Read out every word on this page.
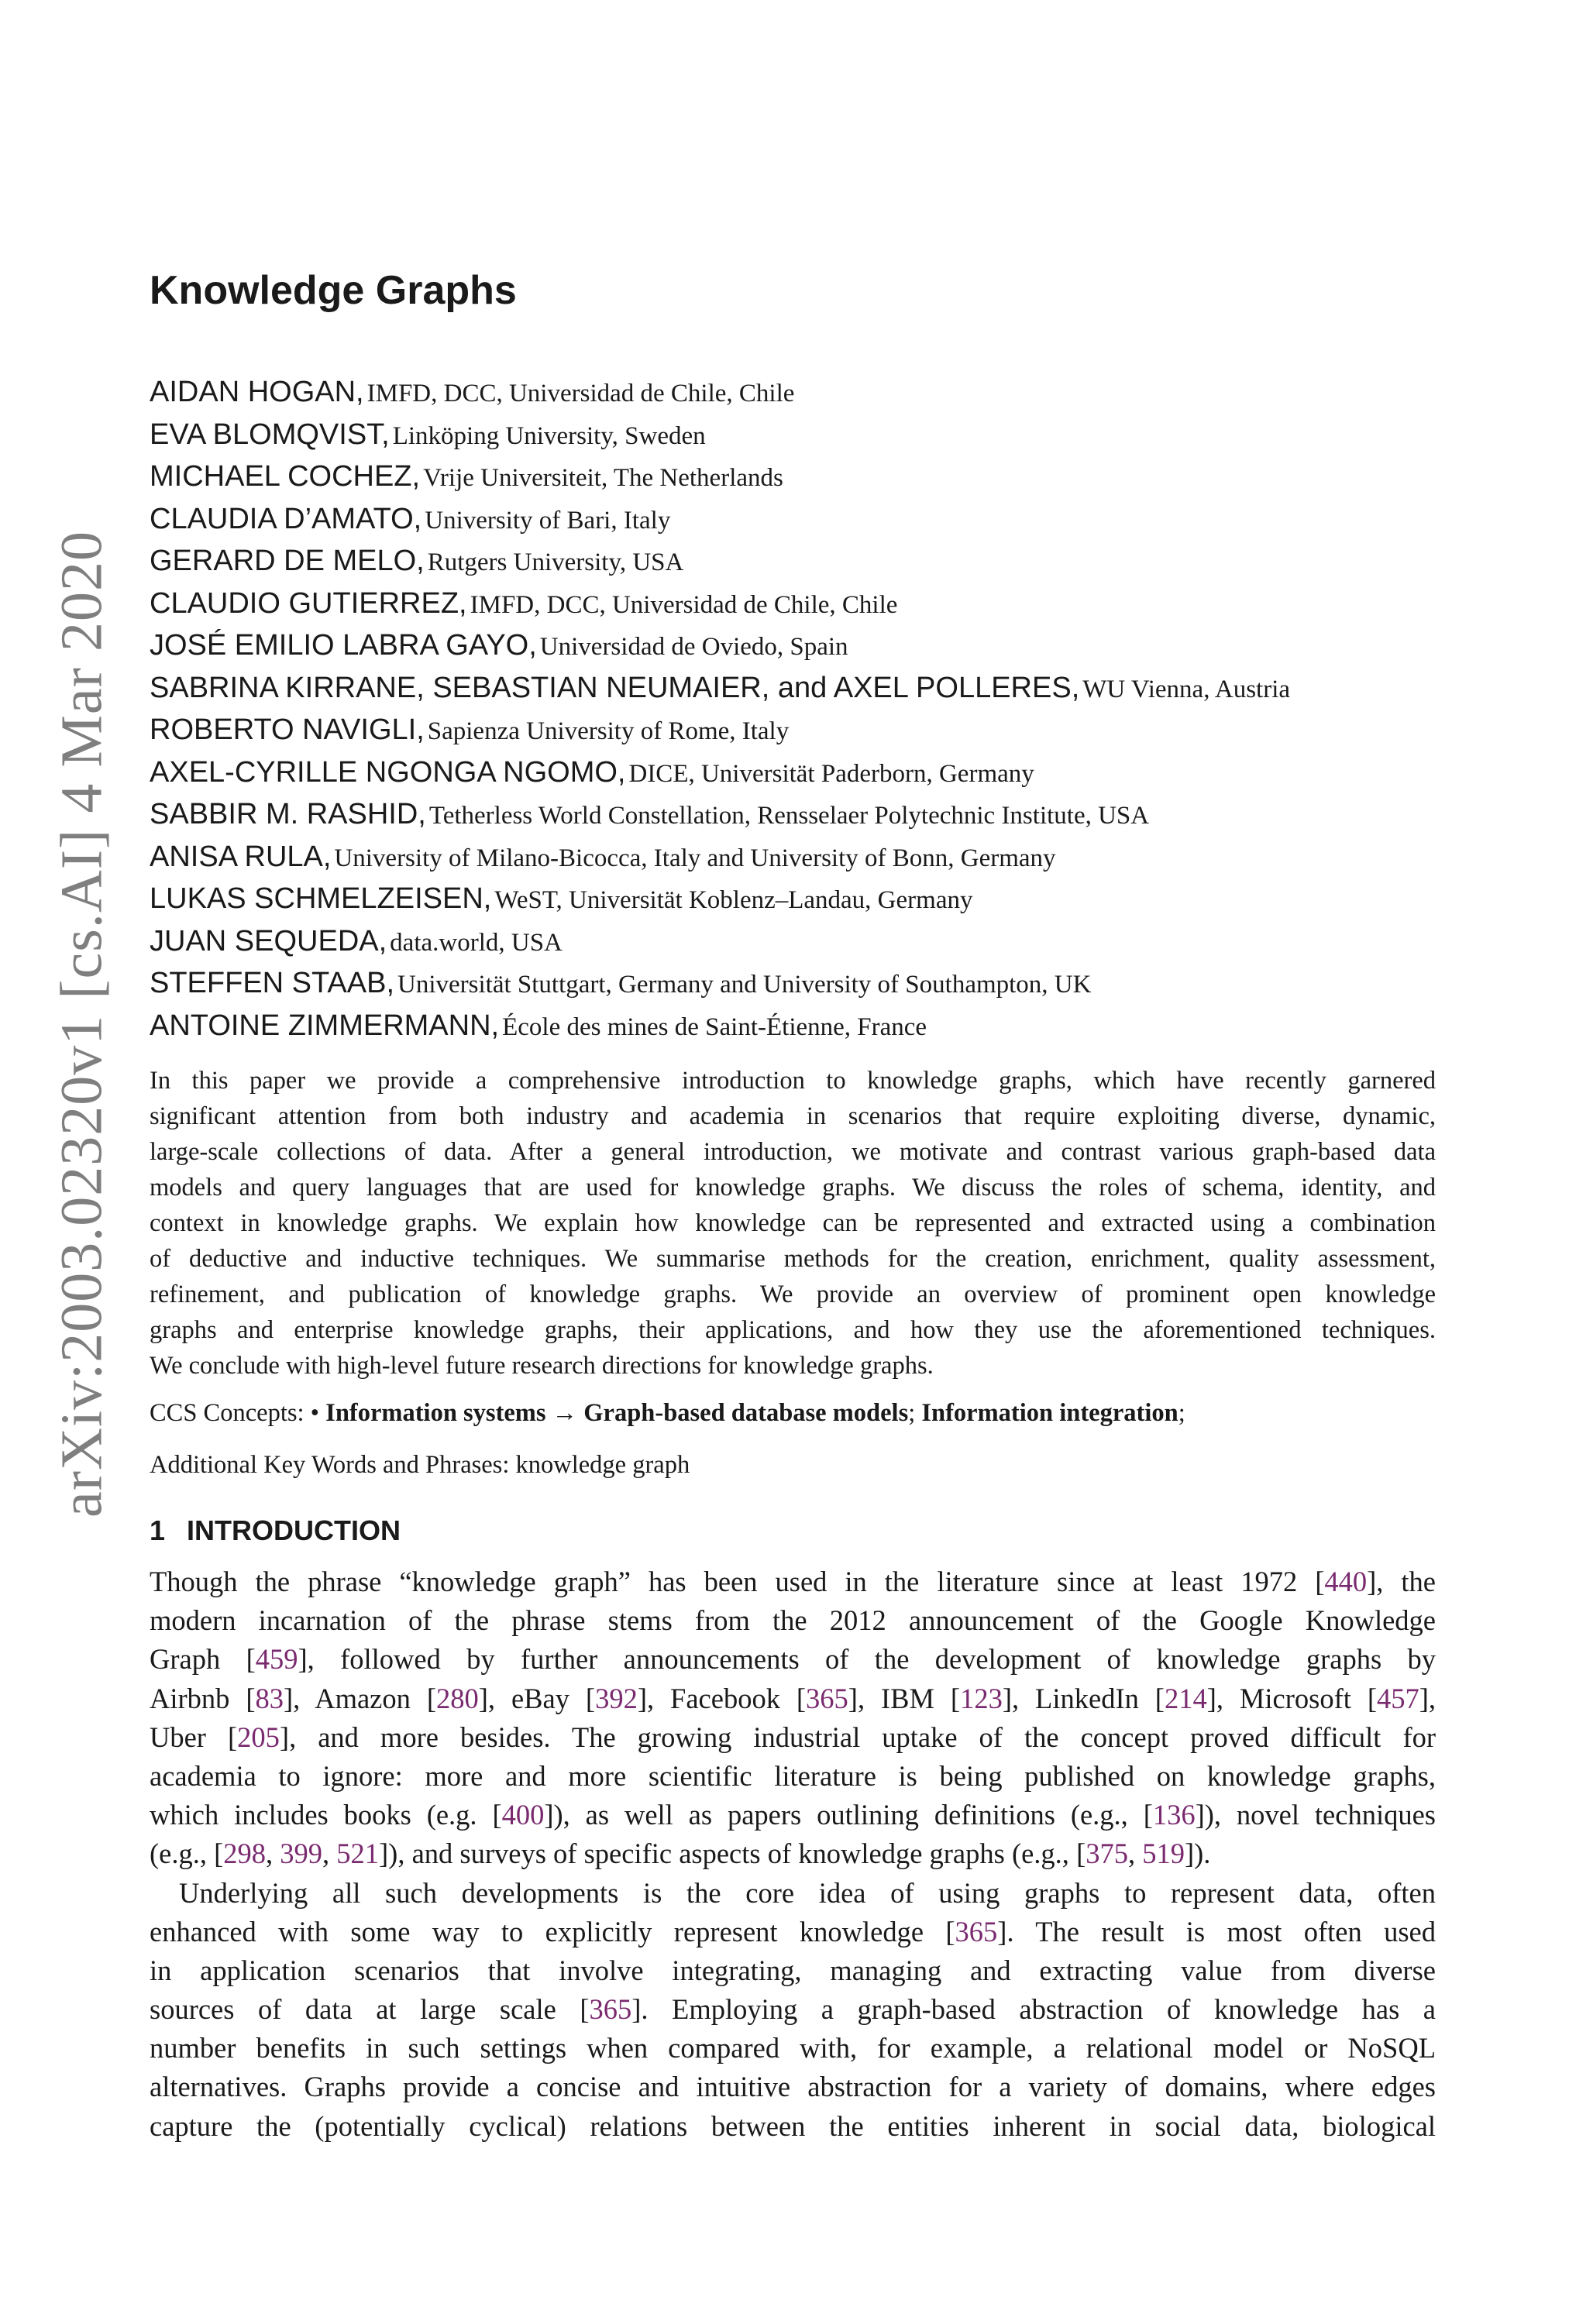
arXiv:2003.02320v1 [cs.AI] 4 Mar 2020
Knowledge Graphs
AIDAN HOGAN, IMFD, DCC, Universidad de Chile, Chile
EVA BLOMQVIST, Linköping University, Sweden
MICHAEL COCHEZ, Vrije Universiteit, The Netherlands
CLAUDIA D’AMATO, University of Bari, Italy
GERARD DE MELO, Rutgers University, USA
CLAUDIO GUTIERREZ, IMFD, DCC, Universidad de Chile, Chile
JOSÉ EMILIO LABRA GAYO, Universidad de Oviedo, Spain
SABRINA KIRRANE, SEBASTIAN NEUMAIER, and AXEL POLLERES, WU Vienna, Austria
ROBERTO NAVIGLI, Sapienza University of Rome, Italy
AXEL-CYRILLE NGONGA NGOMO, DICE, Universität Paderborn, Germany
SABBIR M. RASHID, Tetherless World Constellation, Rensselaer Polytechnic Institute, USA
ANISA RULA, University of Milano-Bicocca, Italy and University of Bonn, Germany
LUKAS SCHMELZEISEN, WeST, Universität Koblenz–Landau, Germany
JUAN SEQUEDA, data.world, USA
STEFFEN STAAB, Universität Stuttgart, Germany and University of Southampton, UK
ANTOINE ZIMMERMANN, École des mines de Saint-Étienne, France
In this paper we provide a comprehensive introduction to knowledge graphs, which have recently garnered
significant attention from both industry and academia in scenarios that require exploiting diverse, dynamic,
large-scale collections of data. After a general introduction, we motivate and contrast various graph-based data
models and query languages that are used for knowledge graphs. We discuss the roles of schema, identity, and
context in knowledge graphs. We explain how knowledge can be represented and extracted using a combination
of deductive and inductive techniques. We summarise methods for the creation, enrichment, quality assessment,
refinement, and publication of knowledge graphs. We provide an overview of prominent open knowledge
graphs and enterprise knowledge graphs, their applications, and how they use the aforementioned techniques.
We conclude with high-level future research directions for knowledge graphs.
CCS Concepts: • Information systems → Graph-based database models; Information integration;
Additional Key Words and Phrases: knowledge graph
1 INTRODUCTION
Though the phrase “knowledge graph” has been used in the literature since at least 1972 [440], the
modern incarnation of the phrase stems from the 2012 announcement of the Google Knowledge
Graph [459], followed by further announcements of the development of knowledge graphs by
Airbnb [83], Amazon [280], eBay [392], Facebook [365], IBM [123], LinkedIn [214], Microsoft [457],
Uber [205], and more besides. The growing industrial uptake of the concept proved difficult for
academia to ignore: more and more scientific literature is being published on knowledge graphs,
which includes books (e.g. [400]), as well as papers outlining definitions (e.g., [136]), novel techniques
(e.g., [298, 399, 521]), and surveys of specific aspects of knowledge graphs (e.g., [375, 519]).
Underlying all such developments is the core idea of using graphs to represent data, often
enhanced with some way to explicitly represent knowledge [365]. The result is most often used
in application scenarios that involve integrating, managing and extracting value from diverse
sources of data at large scale [365]. Employing a graph-based abstraction of knowledge has a
number benefits in such settings when compared with, for example, a relational model or NoSQL
alternatives. Graphs provide a concise and intuitive abstraction for a variety of domains, where edges
capture the (potentially cyclical) relations between the entities inherent in social data, biological
